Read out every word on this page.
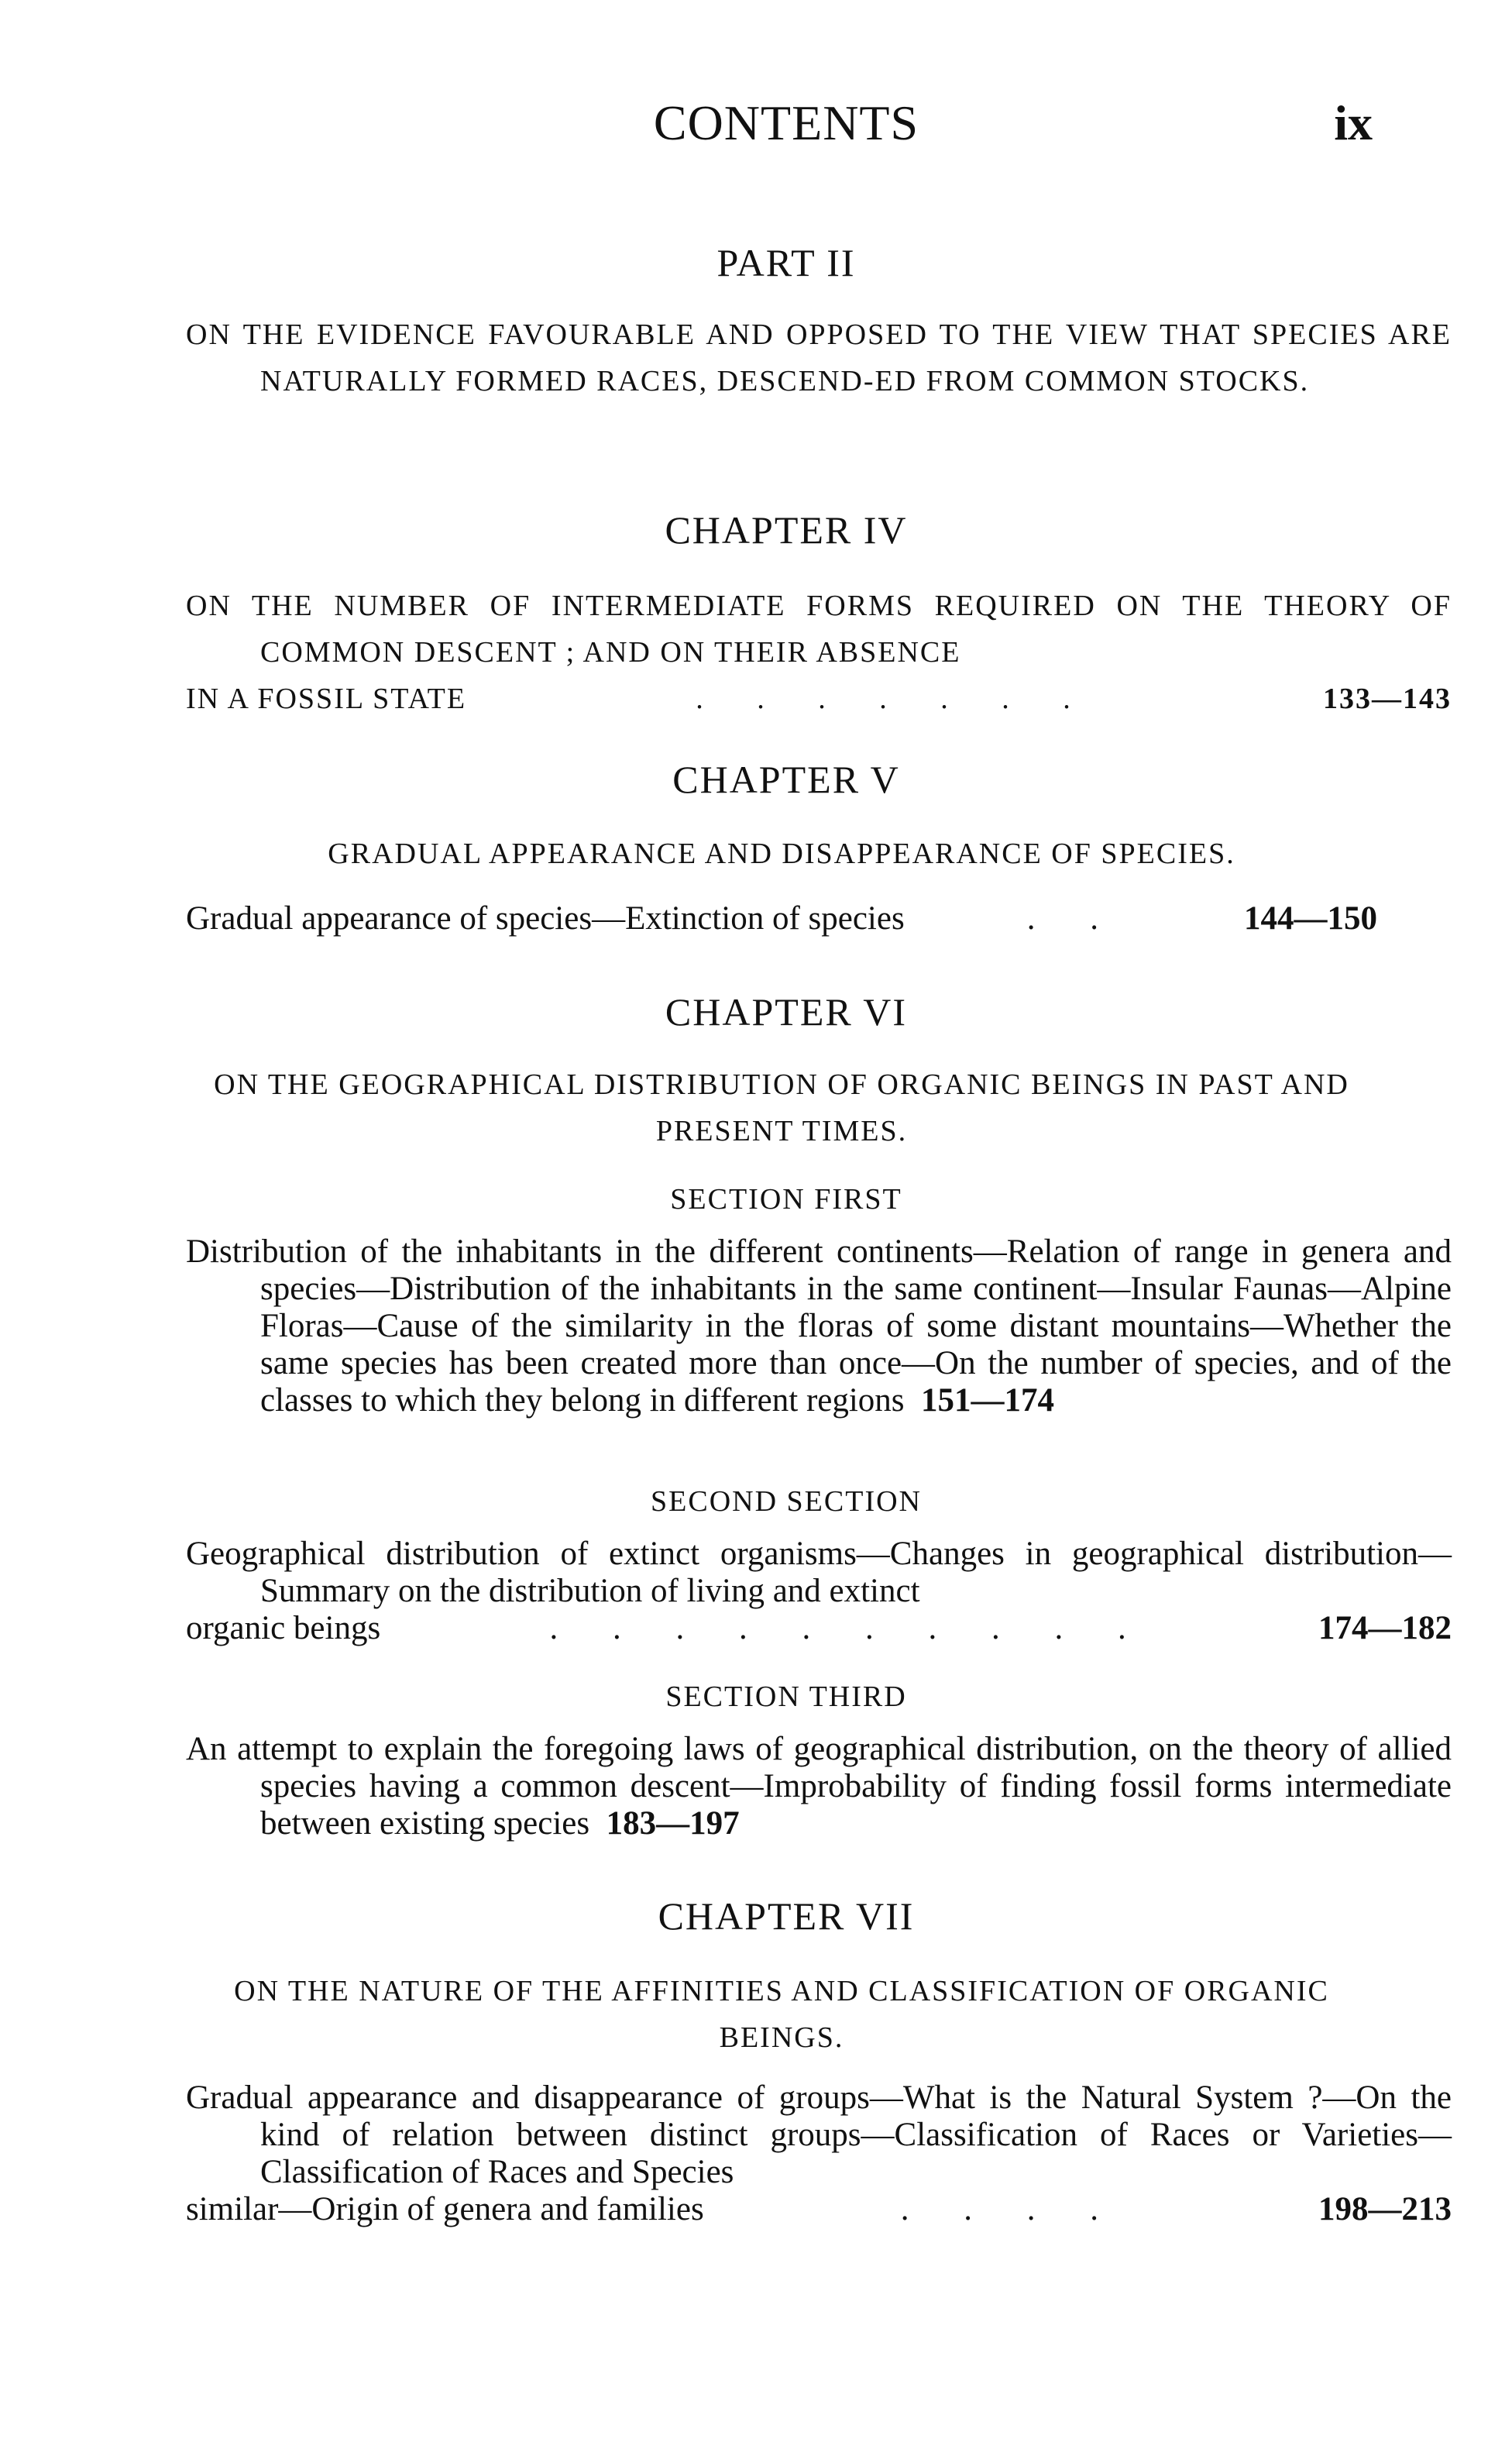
CONTENTS	ix
PART II
ON THE EVIDENCE FAVOURABLE AND OPPOSED TO THE VIEW THAT SPECIES ARE NATURALLY FORMED RACES, DESCEND-ED FROM COMMON STOCKS.
CHAPTER IV
ON THE NUMBER OF INTERMEDIATE FORMS REQUIRED ON THE THEORY OF COMMON DESCENT ; AND ON THEIR ABSENCE
IN A FOSSIL STATE	. . . . . . .	133—143
CHAPTER V
GRADUAL APPEARANCE AND DISAPPEARANCE OF SPECIES.
Gradual appearance of species—Extinction of species	. .	144—150
CHAPTER VI
ON THE GEOGRAPHICAL DISTRIBUTION OF ORGANIC BEINGS IN PAST AND PRESENT TIMES.
SECTION FIRST
Distribution of the inhabitants in the different continents—Relation of range in genera and species—Distribution of the inhabitants in the same continent—Insular Faunas—Alpine Floras—Cause of the similarity in the floras of some distant mountains—Whether the same species has been created more than once—On the number of species, and of the classes to which they belong in different regions 151—174
SECOND SECTION
Geographical distribution of extinct organisms—Changes in geographical distribution—Summary on the distribution of living and extinct
organic beings	. . . . . . . . . .	174—182
SECTION THIRD
An attempt to explain the foregoing laws of geographical distribution, on the theory of allied species having a common descent—Improbability of finding fossil forms intermediate between existing species 183—197
CHAPTER VII
ON THE NATURE OF THE AFFINITIES AND CLASSIFICATION OF ORGANIC BEINGS.
Gradual appearance and disappearance of groups—What is the Natural System ?—On the kind of relation between distinct groups—Classification of Races or Varieties—Classification of Races and Species
similar—Origin of genera and families	. . . .	198—213
